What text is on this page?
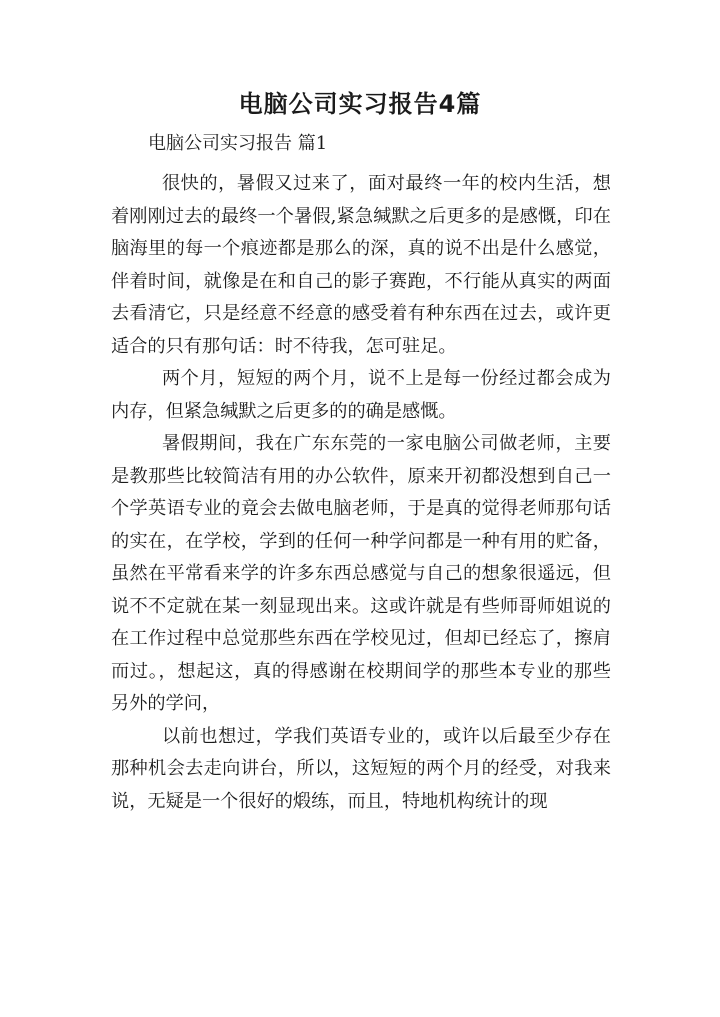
电脑公司实习报告4篇
电脑公司实习报告 篇1

很快的，暑假又过来了，面对最终一年的校内生活，想着刚刚过去的最终一个暑假,紧急缄默之后更多的是感慨，印在脑海里的每一个痕迹都是那么的深，真的说不出是什么感觉，伴着时间，就像是在和自己的影子赛跑，不行能从真实的两面去看清它，只是经意不经意的感受着有种东西在过去，或许更适合的只有那句话：时不待我，怎可驻足。

两个月，短短的两个月，说不上是每一份经过都会成为内存，但紧急缄默之后更多的的确是感慨。

暑假期间，我在广东东莞的一家电脑公司做老师，主要是教那些比较简洁有用的办公软件，原来开初都没想到自己一个学英语专业的竟会去做电脑老师，于是真的觉得老师那句话的实在，在学校，学到的任何一种学问都是一种有用的贮备，虽然在平常看来学的许多东西总感觉与自己的想象很遥远，但说不不定就在某一刻显现出来。这或许就是有些师哥师姐说的在工作过程中总觉那些东西在学校见过，但却已经忘了，擦肩而过。，想起这，真的得感谢在校期间学的那些本专业的那些另外的学问，

以前也想过，学我们英语专业的，或许以后最至少存在那种机会去走向讲台，所以，这短短的两个月的经受，对我来说，无疑是一个很好的煅练，而且，特地机构统计的现
